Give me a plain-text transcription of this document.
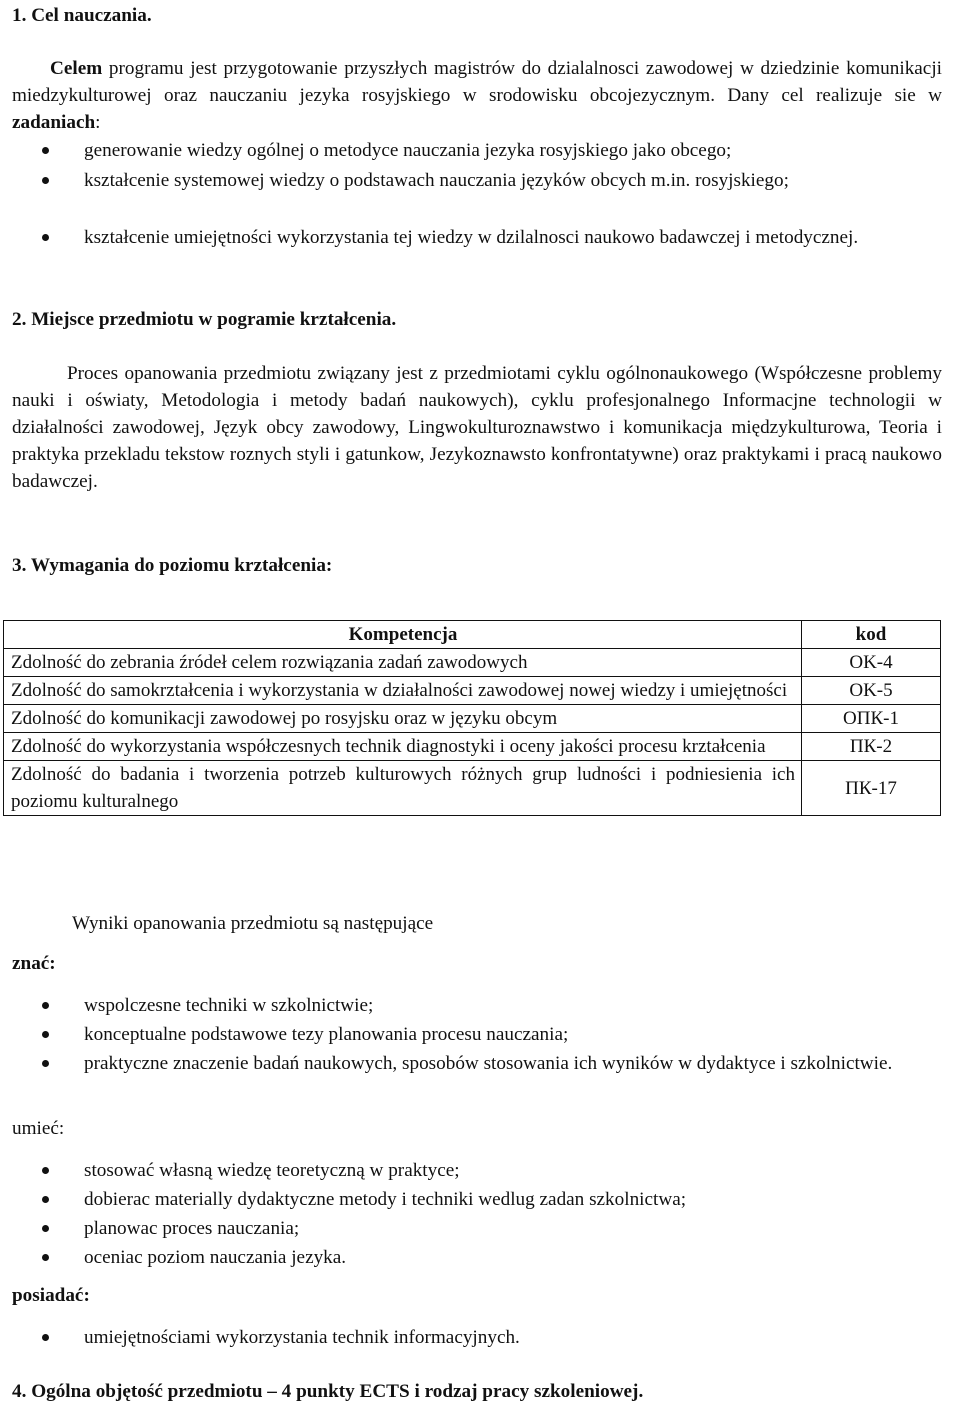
1. Cel nauczania.
Celem programu jest przygotowanie przyszłych magistrów do dzialalnosci zawodowej w dziedzinie komunikacji miedzykulturowej oraz nauczaniu jezyka rosyjskiego w srodowisku obcojezycznym. Dany cel realizuje sie w zadaniach:
generowanie wiedzy ogólnej o metodyce nauczania jezyka rosyjskiego jako obcego;
kształcenie systemowej wiedzy o podstawach nauczania języków obcych m.in. rosyjskiego;
kształcenie umiejętności wykorzystania tej wiedzy w dzilalnosci naukowo badawczej i metodycznej.
2. Miejsce przedmiotu w pogramie krztałcenia.
Proces opanowania przedmiotu związany jest z przedmiotami cyklu ogólnonaukowego (Współczesne problemy nauki i oświaty, Metodologia i metody badań naukowych), cyklu profesjonalnego Informacjne technologii w działalności zawodowej, Język obcy zawodowy, Lingwokulturoznawstwo i komunikacja międzykulturowa, Teoria i praktyka przekladu tekstow roznych styli i gatunkow, Jezykoznawsto konfrontatywne) oraz praktykami i pracą naukowo badawczej.
3. Wymagania do poziomu krztałcenia:
Kompetencja	kod
Zdolność do zebrania źródeł celem rozwiązania zadań zawodowych	OK-4
Zdolność do samokrztałcenia i wykorzystania w działalności zawodowej nowej wiedzy i umiejętności	OK-5
Zdolność do komunikacji zawodowej po rosyjsku oraz w języku obcym	ОПК-1
Zdolność do wykorzystania współczesnych technik diagnostyki i oceny jakości procesu krztałcenia	ПК-2
Zdolność do badania i tworzenia potrzeb kulturowych różnych grup ludności i podniesienia ich poziomu kulturalnego	ПК-17
Wyniki opanowania przedmiotu są następujące
znać:
wspolczesne techniki w szkolnictwie;
konceptualne podstawowe tezy planowania procesu nauczania;
praktyczne znaczenie badań naukowych, sposobów stosowania ich wyników w dydaktyce i szkolnictwie.
umieć:
stosować własną wiedzę teoretyczną w praktyce;
dobierac materially dydaktyczne metody i techniki wedlug zadan szkolnictwa;
planowac proces nauczania;
oceniac poziom nauczania jezyka.
posiadać:
umiejętnościami wykorzystania technik informacyjnych.
4. Ogólna objętość przedmiotu – 4 punkty ECTS i rodzaj pracy szkoleniowej.
